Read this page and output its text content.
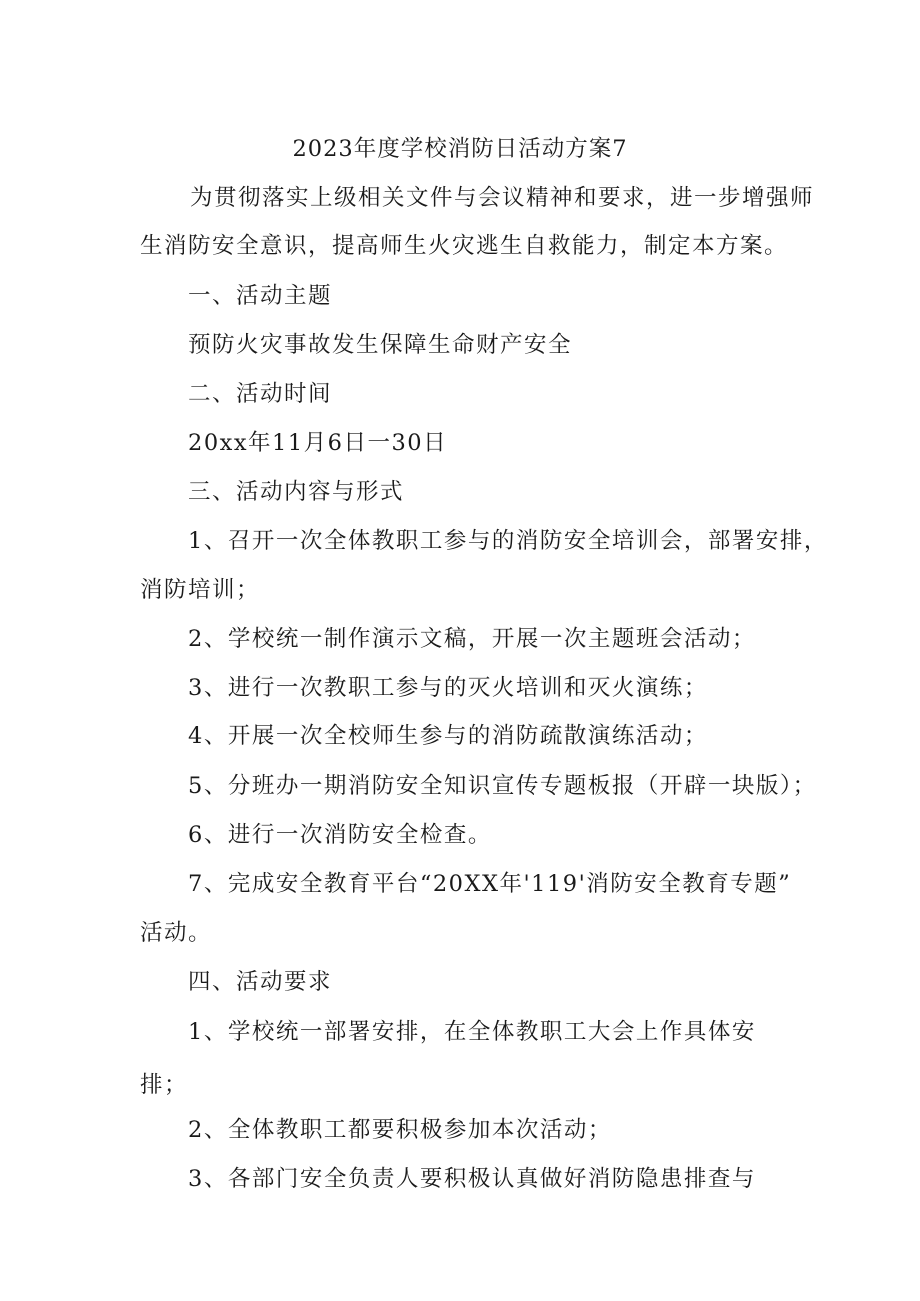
2023年度学校消防日活动方案7
为贯彻落实上级相关文件与会议精神和要求，进一步增强师
生消防安全意识，提高师生火灾逃生自救能力，制定本方案。
一、活动主题
预防火灾事故发生保障生命财产安全
二、活动时间
20xx年11月6日一30日
三、活动内容与形式
1、召开一次全体教职工参与的消防安全培训会，部署安排，
消防培训；
2、学校统一制作演示文稿，开展一次主题班会活动；
3、进行一次教职工参与的灭火培训和灭火演练；
4、开展一次全校师生参与的消防疏散演练活动；
5、分班办一期消防安全知识宣传专题板报（开辟一块版）；
6、进行一次消防安全检查。
7、完成安全教育平台“20XX年'119'消防安全教育专题”
活动。
四、活动要求
1、学校统一部署安排，在全体教职工大会上作具体安
排；
2、全体教职工都要积极参加本次活动；
3、各部门安全负责人要积极认真做好消防隐患排查与
